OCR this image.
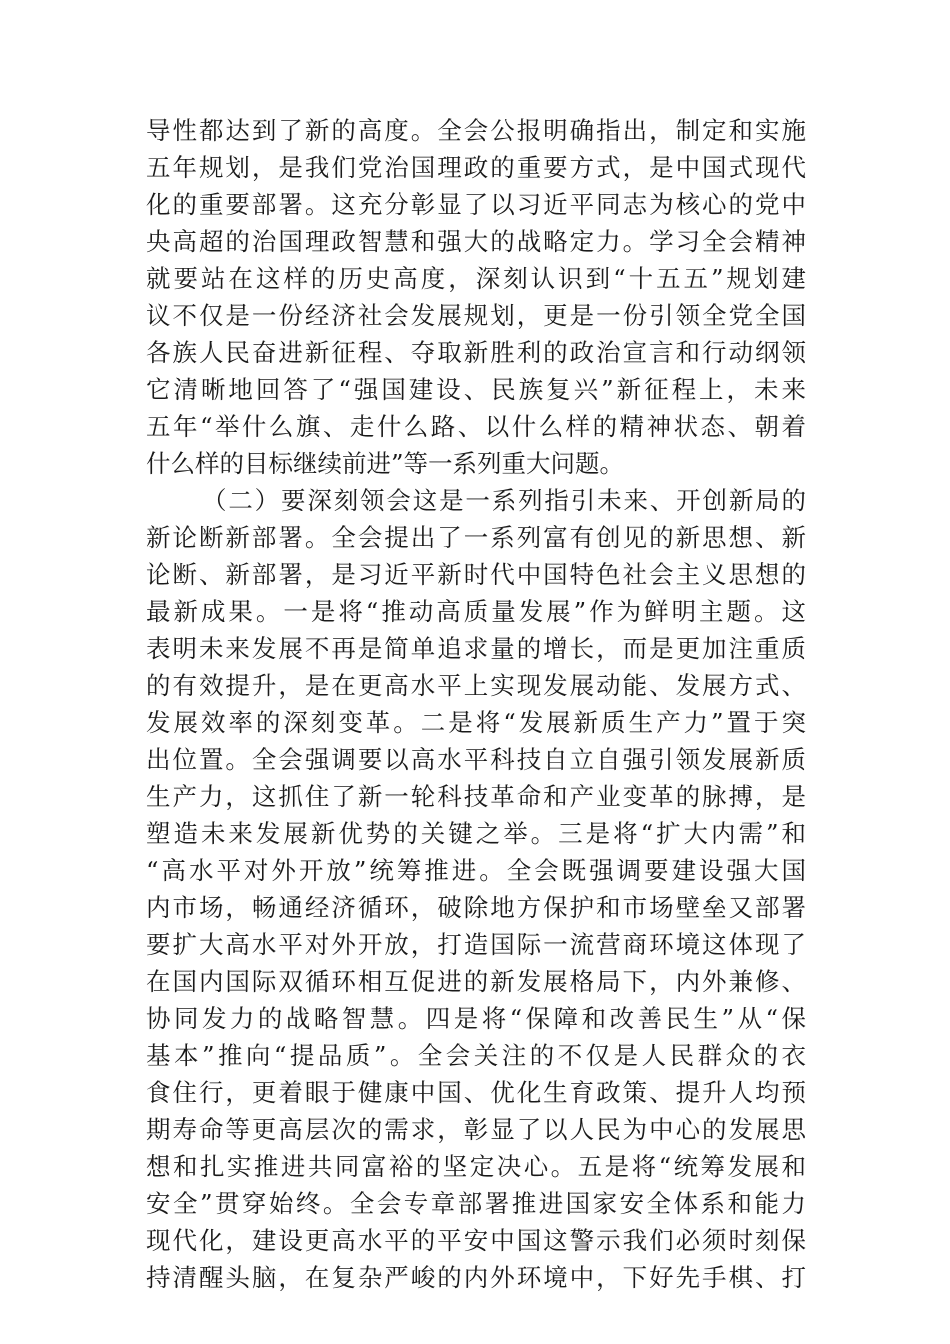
导性都达到了新的高度。全会公报明确指出，制定和实施
五年规划，是我们党治国理政的重要方式，是中国式现代
化的重要部署。这充分彰显了以习近平同志为核心的党中
央高超的治国理政智慧和强大的战略定力。学习全会精神
就要站在这样的历史高度，深刻认识到“十五五”规划建
议不仅是一份经济社会发展规划，更是一份引领全党全国
各族人民奋进新征程、夺取新胜利的政治宣言和行动纲领
它清晰地回答了“强国建设、民族复兴”新征程上，未来
五年“举什么旗、走什么路、以什么样的精神状态、朝着
什么样的目标继续前进”等一系列重大问题。
（二）要深刻领会这是一系列指引未来、开创新局的
新论断新部署。全会提出了一系列富有创见的新思想、新
论断、新部署，是习近平新时代中国特色社会主义思想的
最新成果。一是将“推动高质量发展”作为鲜明主题。这
表明未来发展不再是简单追求量的增长，而是更加注重质
的有效提升，是在更高水平上实现发展动能、发展方式、
发展效率的深刻变革。二是将“发展新质生产力”置于突
出位置。全会强调要以高水平科技自立自强引领发展新质
生产力，这抓住了新一轮科技革命和产业变革的脉搏，是
塑造未来发展新优势的关键之举。三是将“扩大内需”和
“高水平对外开放”统筹推进。全会既强调要建设强大国
内市场，畅通经济循环，破除地方保护和市场壁垒又部署
要扩大高水平对外开放，打造国际一流营商环境这体现了
在国内国际双循环相互促进的新发展格局下，内外兼修、
协同发力的战略智慧。四是将“保障和改善民生”从“保
基本”推向“提品质”。全会关注的不仅是人民群众的衣
食住行，更着眼于健康中国、优化生育政策、提升人均预
期寿命等更高层次的需求，彰显了以人民为中心的发展思
想和扎实推进共同富裕的坚定决心。五是将“统筹发展和
安全”贯穿始终。全会专章部署推进国家安全体系和能力
现代化，建设更高水平的平安中国这警示我们必须时刻保
持清醒头脑，在复杂严峻的内外环境中，下好先手棋、打
